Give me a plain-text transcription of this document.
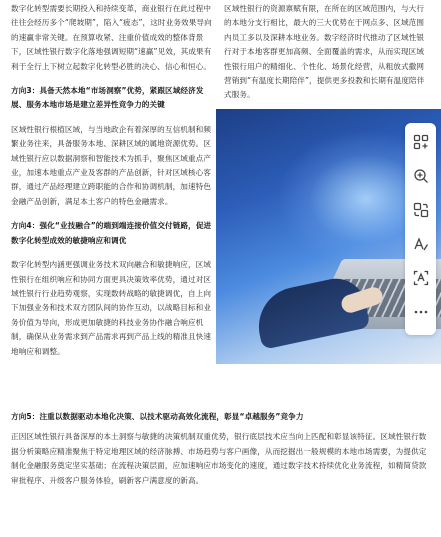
数字化转型需要长期投入和持续变革，商业银行在此过程中往往会经历多个“爬坡期”，陷入“疲态”，这时业务效果导向的速赢非常关键。在预算收紧、注重价值成效的整体背景下，区域性银行数字化落地强调短期“速赢”见效，其成果有利于全行上下树立起数字化转型必胜的决心、信心和恒心。

方向3：具备天然本地“市场洞察”优势，紧跟区域经济发展、服务本地市场是建立差异性竞争力的关键

区域性银行根植区域，与当地政企有着深厚的互信机制和频繁业务往来，具备服务本地、深耕区域的属地资源优势。区域性银行应以数据洞察和智能技术为抓手，聚焦区域重点产业，加速本地重点产业及客群的产品创新，针对区域核心客群，通过产品经理建立跨职能的合作和协调机制，加速特色金融产品创新，满足本土客户的特色金融需求。

方向4：强化“业技融合”的端到端连接价值交付链路，促进数字化转型成效的敏捷响应和调优

数字化转型内涵更强调业务技术双向融合和敏捷响应，区域性银行在组织响应和协同方面更具决策效率优势，通过对区域性银行行业趋势观察，实现数转战略的敏捷调优，自上向下加强业务和技术双方团队间的协作互动，以战略目标和业务价值为导向，形成更加敏捷的科技业务协作融合响应机制，确保从业务需求到产品需求再到产品上线的精准且快速地响应和调整。

区域性银行的资源禀赋有限，在所在的区域范围内，与大行的本地分支行相比，最大的三大优势在于网点多、区域范围内员工多以及深耕本地业务。数字经济时代推动了区域性银行对于本地客群更加高频、全面覆盖的需求，从而实现区域性银行用户的精细化、个性化、场景化经营，从粗放式撒网营销到“有温度长期陪伴”，提供更多投教和长期有温度陪伴式服务。

方向5：注重以数据驱动本地化决策、以技术驱动高效化流程，彰显“卓越服务”竞争力

正因区域性银行具备深厚的本土洞察与敏捷的决策机制双重优势，银行底层技术应当向上匹配和彰显该特征。区域性银行数据分析策略应精准聚焦于特定地理区域的经济脉搏、市场趋势与客户画像，从而挖掘出一般规模的本地市场需要，为提供定制化金融服务奠定坚实基础；在流程决策层面，应加速响应市场变化的速度，通过数字技术持续优化业务流程，如精简贷款审批程序、升级客户服务体验，刷新客户满意度的新高。
